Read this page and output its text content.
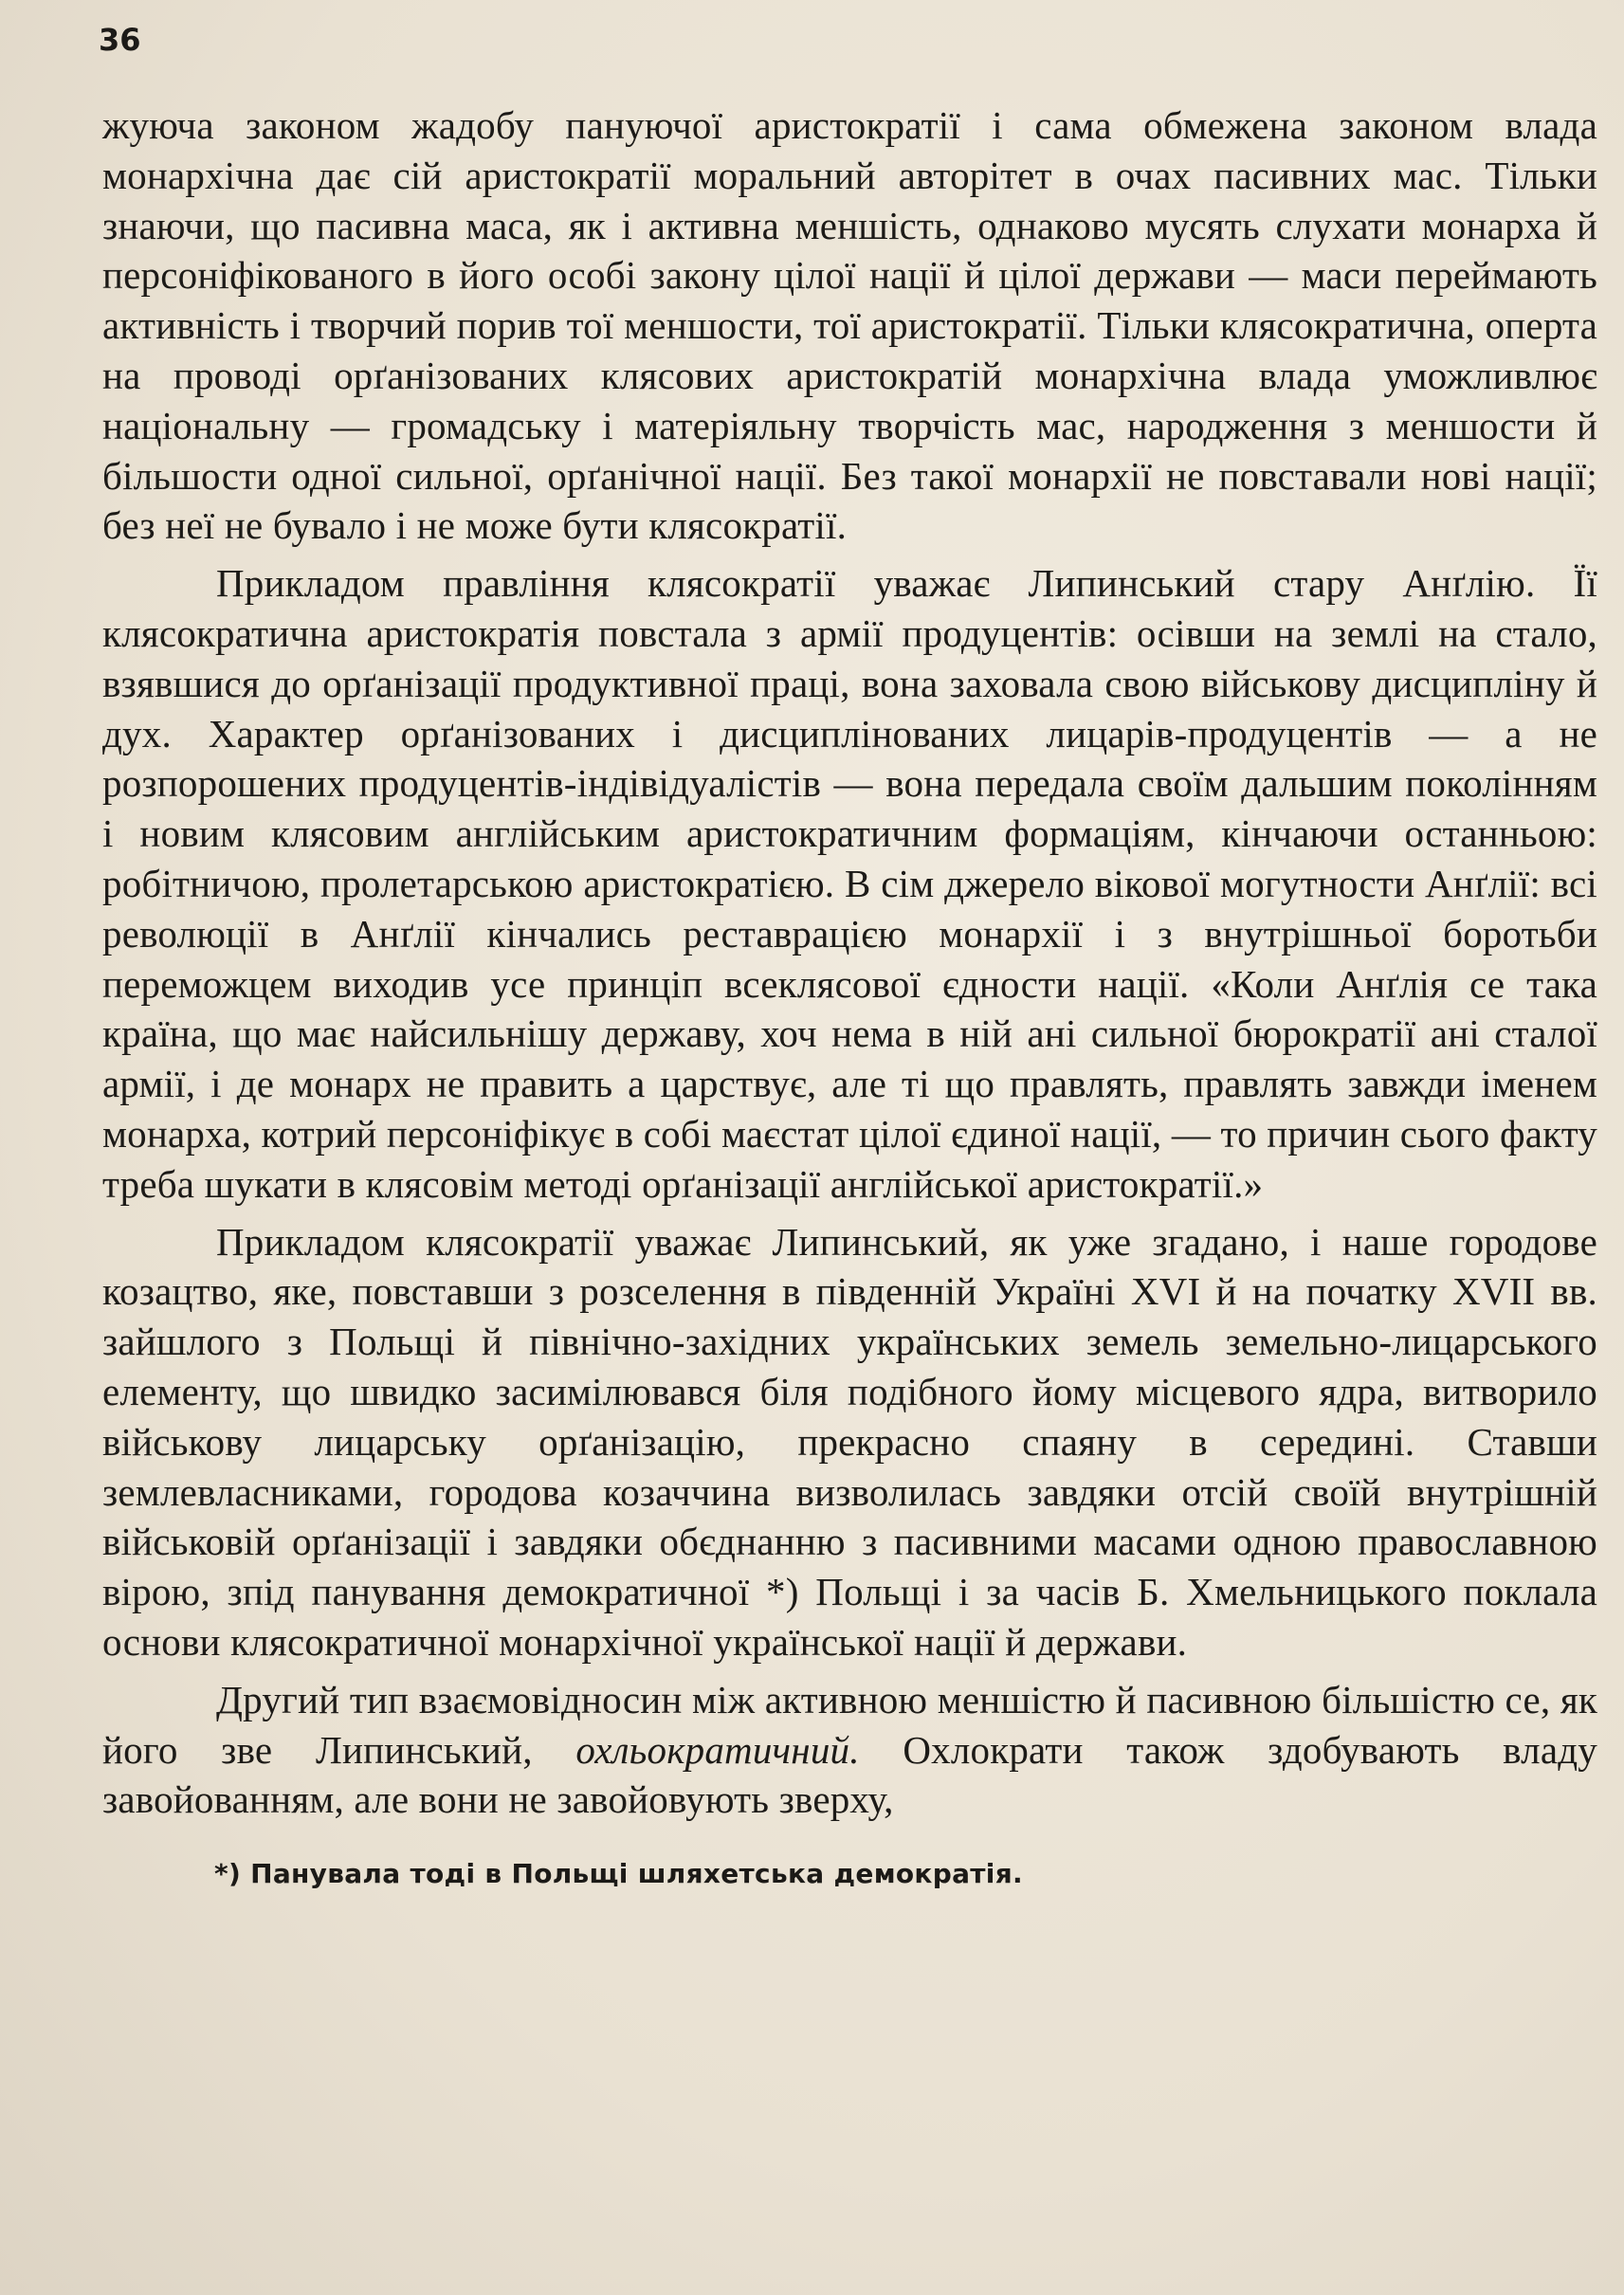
36

жуюча законом жадобу пануючої аристократії і сама обмежена законом влада монархічна дає сій аристократії моральний авторітет в очах пасивних мас. Тільки знаючи, що пасивна маса, як і активна меншість, однаково мусять слухати монарха й персоніфікованого в його особі закону цілої нації й цілої держави — маси переймають активність і творчий порив тої меншости, тої аристократії. Тільки клясократична, оперта на проводі орґанізованих клясових аристократій монархічна влада уможливлює національну — громадську і матеріяльну творчість мас, народження з меншости й більшости одної сильної, орґанічної нації. Без такої монархії не повставали нові нації; без неї не бувало і не може бути клясократії.

Прикладом правління клясократії уважає Липинський стару Анґлію. Її клясократична аристократія повстала з армії продуцентів: осівши на землі на стало, взявшися до орґанізації продуктивної праці, вона заховала свою військову дисципліну й дух. Характер орґанізованих і дисциплінованих лицарів-продуцентів — а не розпорошених продуцентів-індівідуалістів — вона передала своїм дальшим поколінням і новим клясовим англійським аристократичним формаціям, кінчаючи останньою: робітничою, пролетарською аристократією. В сім джерело вікової могутности Анґлії: всі революції в Анґлії кінчались реставрацією монархії і з внутрішньої боротьби переможцем виходив усе принціп всеклясової єдности нації. «Коли Анґлія се така країна, що має найсильнішу державу, хоч нема в ній ані сильної бюрократії ані сталої армії, і де монарх не править а царствує, але ті що правлять, правлять завжди іменем монарха, котрий персоніфікує в собі маєстат цілої єдиної нації, — то причин сього факту треба шукати в клясовім методі орґанізації англійської аристократії.»

Прикладом клясократії уважає Липинський, як уже згадано, і наше городове козацтво, яке, повставши з розселення в південній Україні XVI й на початку XVII вв. зайшлого з Польщі й північно-західних українських земель земельно-лицарського елементу, що швидко засимілювався біля подібного йому місцевого ядра, витворило військову лицарську орґанізацію, прекрасно спаяну в середині. Ставши землевласниками, городова козаччина визволилась завдяки отсій своїй внутрішній військовій орґанізації і завдяки обєднанню з пасивними масами одною православною вірою, зпід панування демократичної *) Польщі і за часів Б. Хмельницького поклала основи клясократичної монархічної української нації й держави.

Другий тип взаємовідносин між активною меншістю й пасивною більшістю се, як його зве Липинський, охльократичний. Охлократи також здобувають владу завойованням, але вони не завойовують зверху,

*) Панувала тоді в Польщі шляхетська демократія.
